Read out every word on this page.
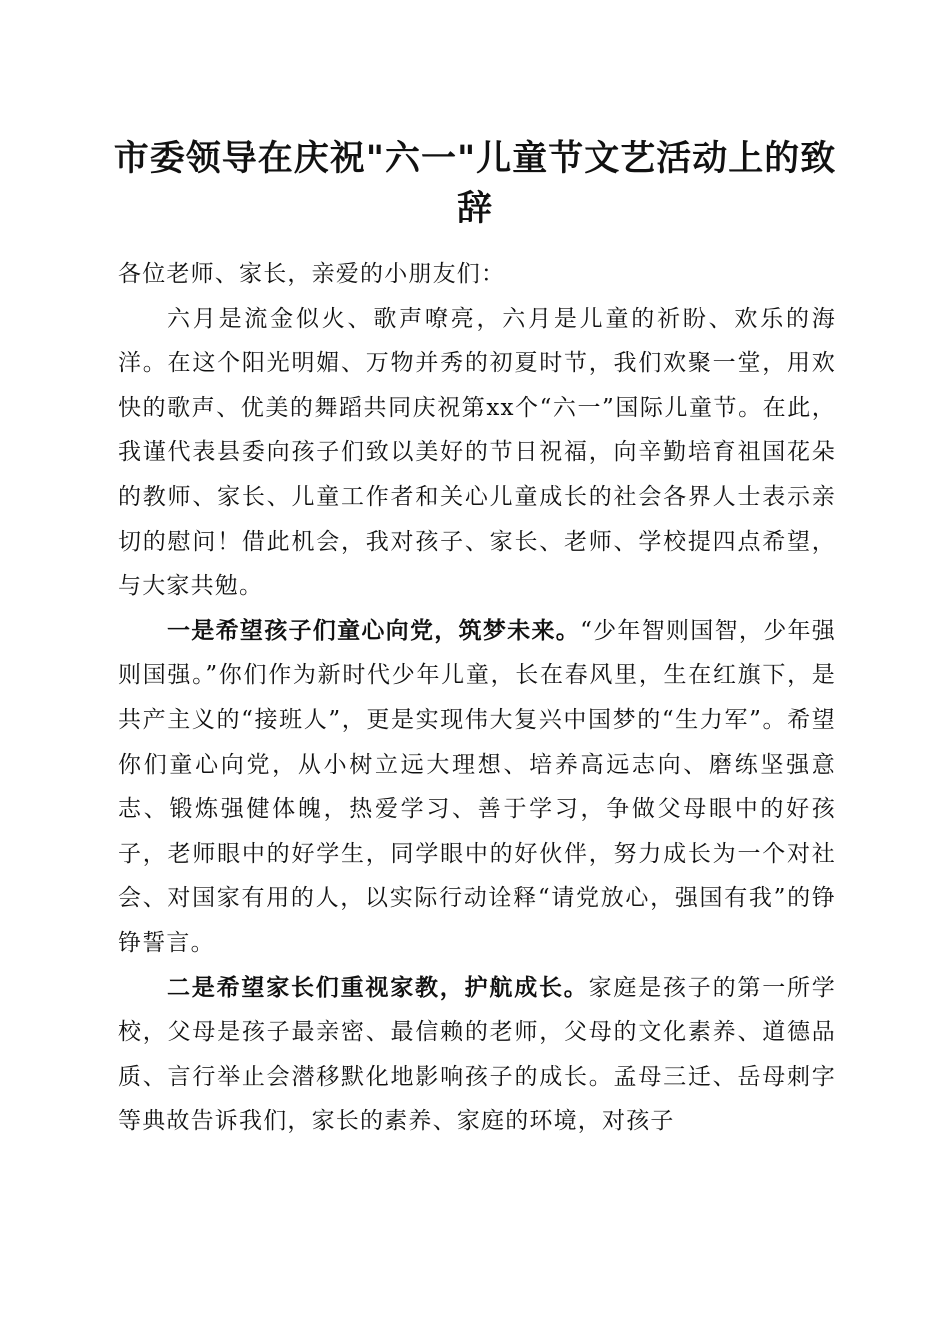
市委领导在庆祝"六一"儿童节文艺活动上的致辞

各位老师、家长，亲爱的小朋友们：

六月是流金似火、歌声嘹亮，六月是儿童的祈盼、欢乐的海洋。在这个阳光明媚、万物并秀的初夏时节，我们欢聚一堂，用欢快的歌声、优美的舞蹈共同庆祝第xx个“六一”国际儿童节。在此，我谨代表县委向孩子们致以美好的节日祝福，向辛勤培育祖国花朵的教师、家长、儿童工作者和关心儿童成长的社会各界人士表示亲切的慰问！借此机会，我对孩子、家长、老师、学校提四点希望，与大家共勉。

一是希望孩子们童心向党，筑梦未来。“少年智则国智，少年强则国强。”你们作为新时代少年儿童，长在春风里，生在红旗下，是共产主义的“接班人”，更是实现伟大复兴中国梦的“生力军”。希望你们童心向党，从小树立远大理想、培养高远志向、磨练坚强意志、锻炼强健体魄，热爱学习、善于学习，争做父母眼中的好孩子，老师眼中的好学生，同学眼中的好伙伴，努力成长为一个对社会、对国家有用的人，以实际行动诠释“请党放心，强国有我”的铮铮誓言。

二是希望家长们重视家教，护航成长。家庭是孩子的第一所学校，父母是孩子最亲密、最信赖的老师，父母的文化素养、道德品质、言行举止会潜移默化地影响孩子的成长。孟母三迁、岳母刺字等典故告诉我们，家长的素养、家庭的环境，对孩子
